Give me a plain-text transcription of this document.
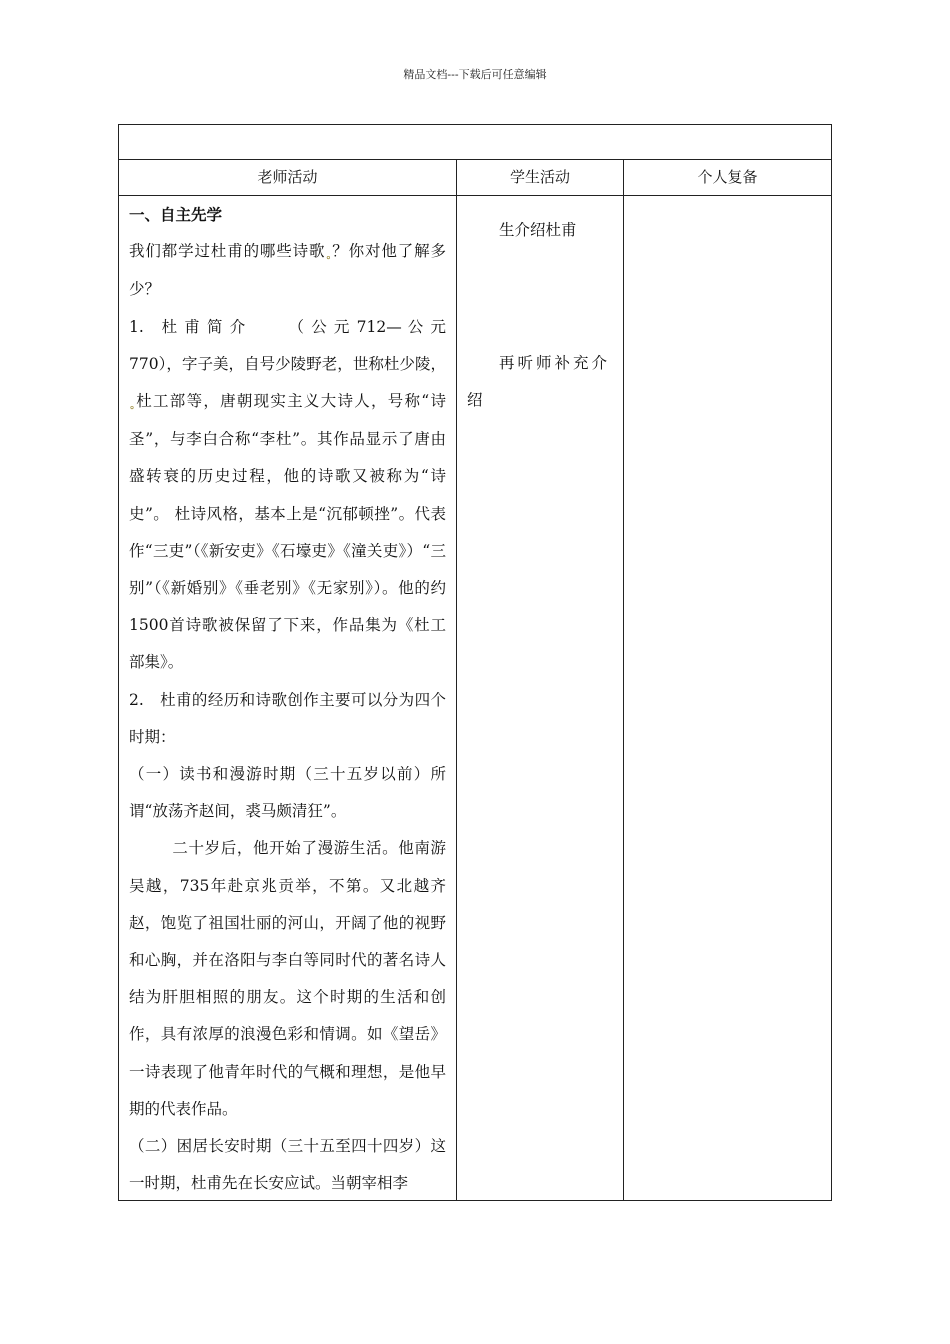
精品文档---下载后可任意编辑
老师活动	学生活动	个人复备

一、自主先学

我们都学过杜甫的哪些诗歌˳？你对他了解多少？

1.　杜 甫 简 介　　　（ 公 元 712— 公 元 770），字子美，自号少陵野老，世称杜少陵，˳杜工部等，唐朝现实主义大诗人，号称“诗圣”，与李白合称“李杜”。其作品显示了唐由盛转衰的历史过程，他的诗歌又被称为“诗史”。 杜诗风格，基本上是“沉郁顿挫”。代表作“三吏”（《新安吏》《石壕吏》《潼关吏》）“三别”（《新婚别》《垂老别》《无家别》）。他的约1500首诗歌被保留了下来，作品集为《杜工部集》。

2.　杜甫的经历和诗歌创作主要可以分为四个时期：

（一）读书和漫游时期（三十五岁以前）所谓“放荡齐赵间，裘马颇清狂”。

二十岁后，他开始了漫游生活。他南游吴越，735年赴京兆贡举，不第。又北越齐赵，饱览了祖国壮丽的河山，开阔了他的视野和心胸，并在洛阳与李白等同时代的著名诗人结为肝胆相照的朋友。这个时期的生活和创作，具有浓厚的浪漫色彩和情调。如《望岳》一诗表现了他青年时代的气概和理想，是他早期的代表作品。

（二）困居长安时期（三十五至四十四岁）这一时期，杜甫先在长安应试。当朝宰相李

生介绍杜甫
再听师补充介
绍
